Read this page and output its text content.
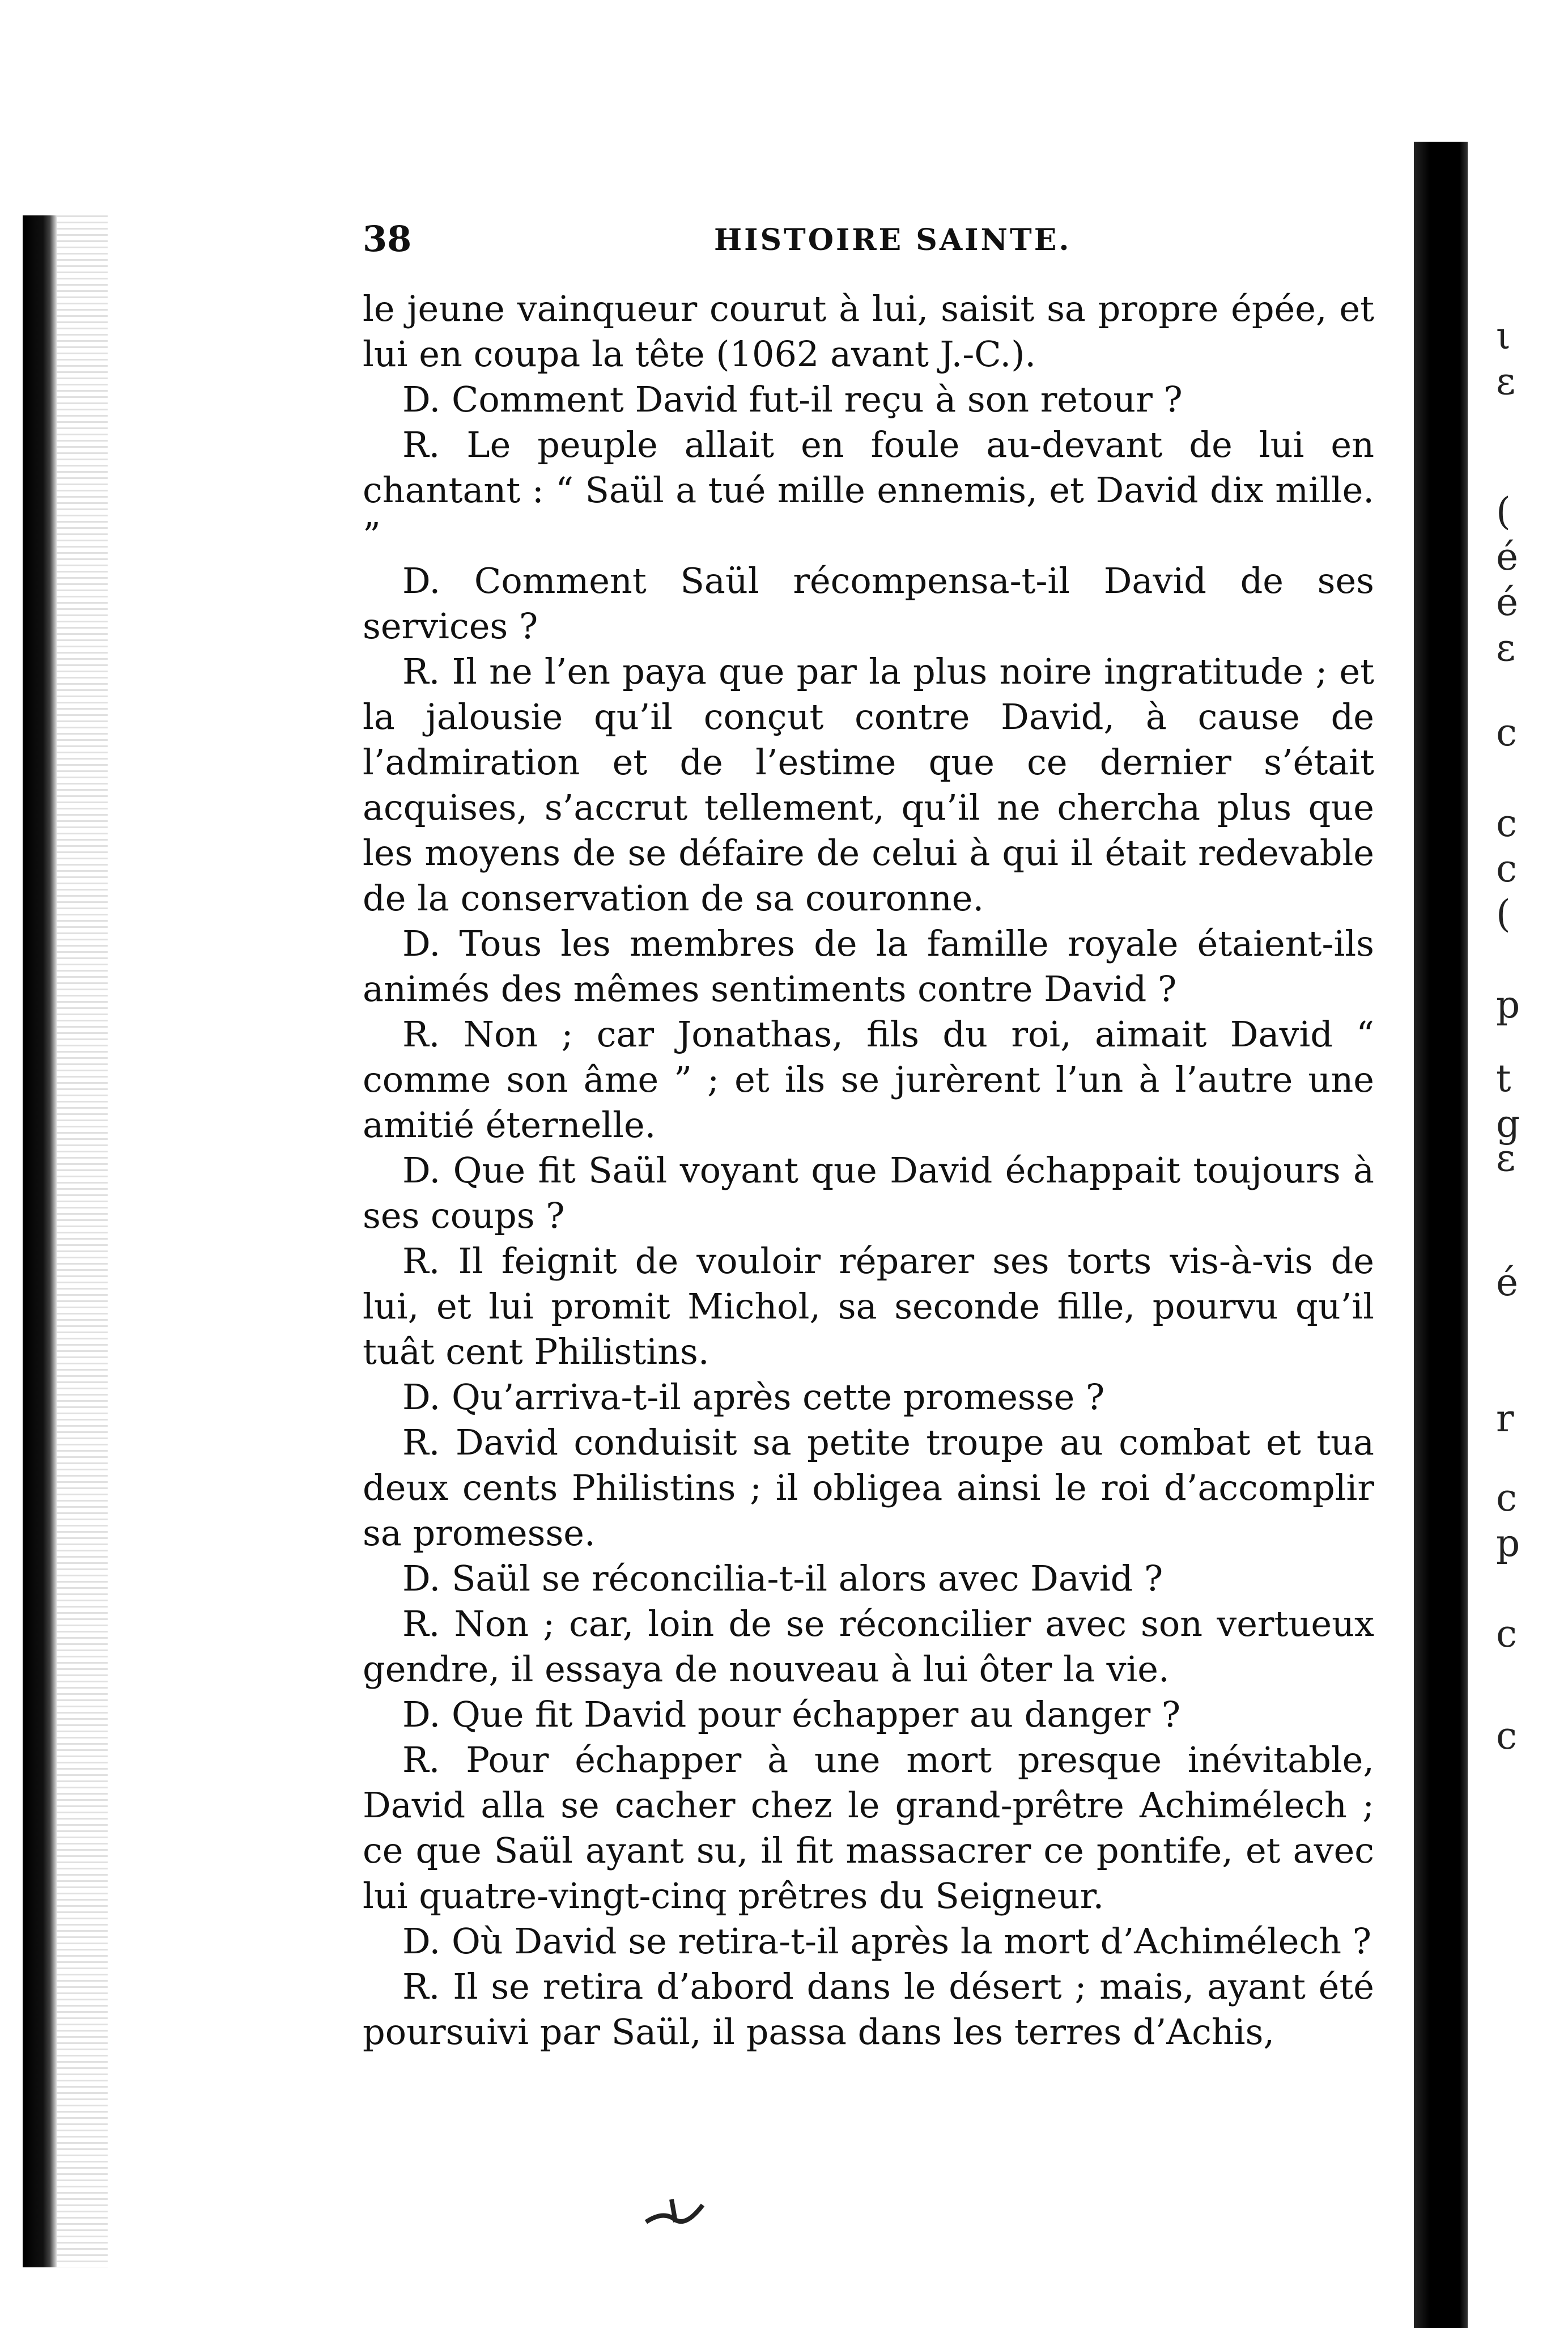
38	HISTOIRE SAINTE.

le jeune vainqueur courut à lui, saisit sa propre épée, et lui en coupa la tête (1062 avant J.-C.).

D. Comment David fut-il reçu à son retour ?

R. Le peuple allait en foule au-devant de lui en chantant : “ Saül a tué mille ennemis, et David dix mille. ”

D. Comment Saül récompensa-t-il David de ses services ?

R. Il ne l’en paya que par la plus noire ingratitude ; et la jalousie qu’il conçut contre David, à cause de l’admiration et de l’estime que ce dernier s’était acquises, s’accrut tellement, qu’il ne chercha plus que les moyens de se défaire de celui à qui il était redevable de la conservation de sa couronne.

D. Tous les membres de la famille royale étaient-ils animés des mêmes sentiments contre David ?

R. Non ; car Jonathas, fils du roi, aimait David “ comme son âme ” ; et ils se jurèrent l’un à l’autre une amitié éternelle.

D. Que fit Saül voyant que David échappait toujours à ses coups ?

R. Il feignit de vouloir réparer ses torts vis-à-vis de lui, et lui promit Michol, sa seconde fille, pourvu qu’il tuât cent Philistins.

D. Qu’arriva-t-il après cette promesse ?

R. David conduisit sa petite troupe au combat et tua deux cents Philistins ; il obligea ainsi le roi d’accomplir sa promesse.

D. Saül se réconcilia-t-il alors avec David ?

R. Non ; car, loin de se réconcilier avec son vertueux gendre, il essaya de nouveau à lui ôter la vie.

D. Que fit David pour échapper au danger ?

R. Pour échapper à une mort presque inévitable, David alla se cacher chez le grand-prêtre Achimélech ; ce que Saül ayant su, il fit massacrer ce pontife, et avec lui quatre-vingt-cinq prêtres du Seigneur.

D. Où David se retira-t-il après la mort d’Achimélech ?

R. Il se retira d’abord dans le désert ; mais, ayant été poursuivi par Saül, il passa dans les terres d’Achis,

ι
ε
(
é
é
ε
c
c
c
(
p
t
g
ε
é
r
c
p
c
c
